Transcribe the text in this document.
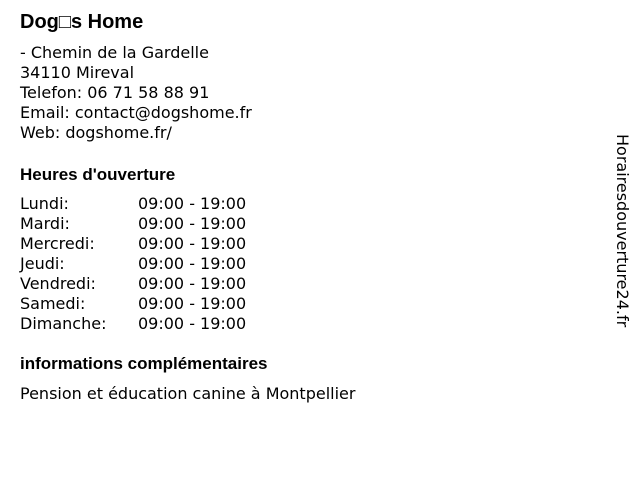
Dog□s Home
- Chemin de la Gardelle
34110 Mireval
Telefon: 06 71 58 88 91
Email: contact@dogshome.fr
Web: dogshome.fr/
Heures d'ouverture
Lundi:	09:00 - 19:00
Mardi:	09:00 - 19:00
Mercredi:	09:00 - 19:00
Jeudi:	09:00 - 19:00
Vendredi:	09:00 - 19:00
Samedi:	09:00 - 19:00
Dimanche:	09:00 - 19:00
informations complémentaires
Pension et éducation canine à Montpellier
Horairesdouverture24.fr
